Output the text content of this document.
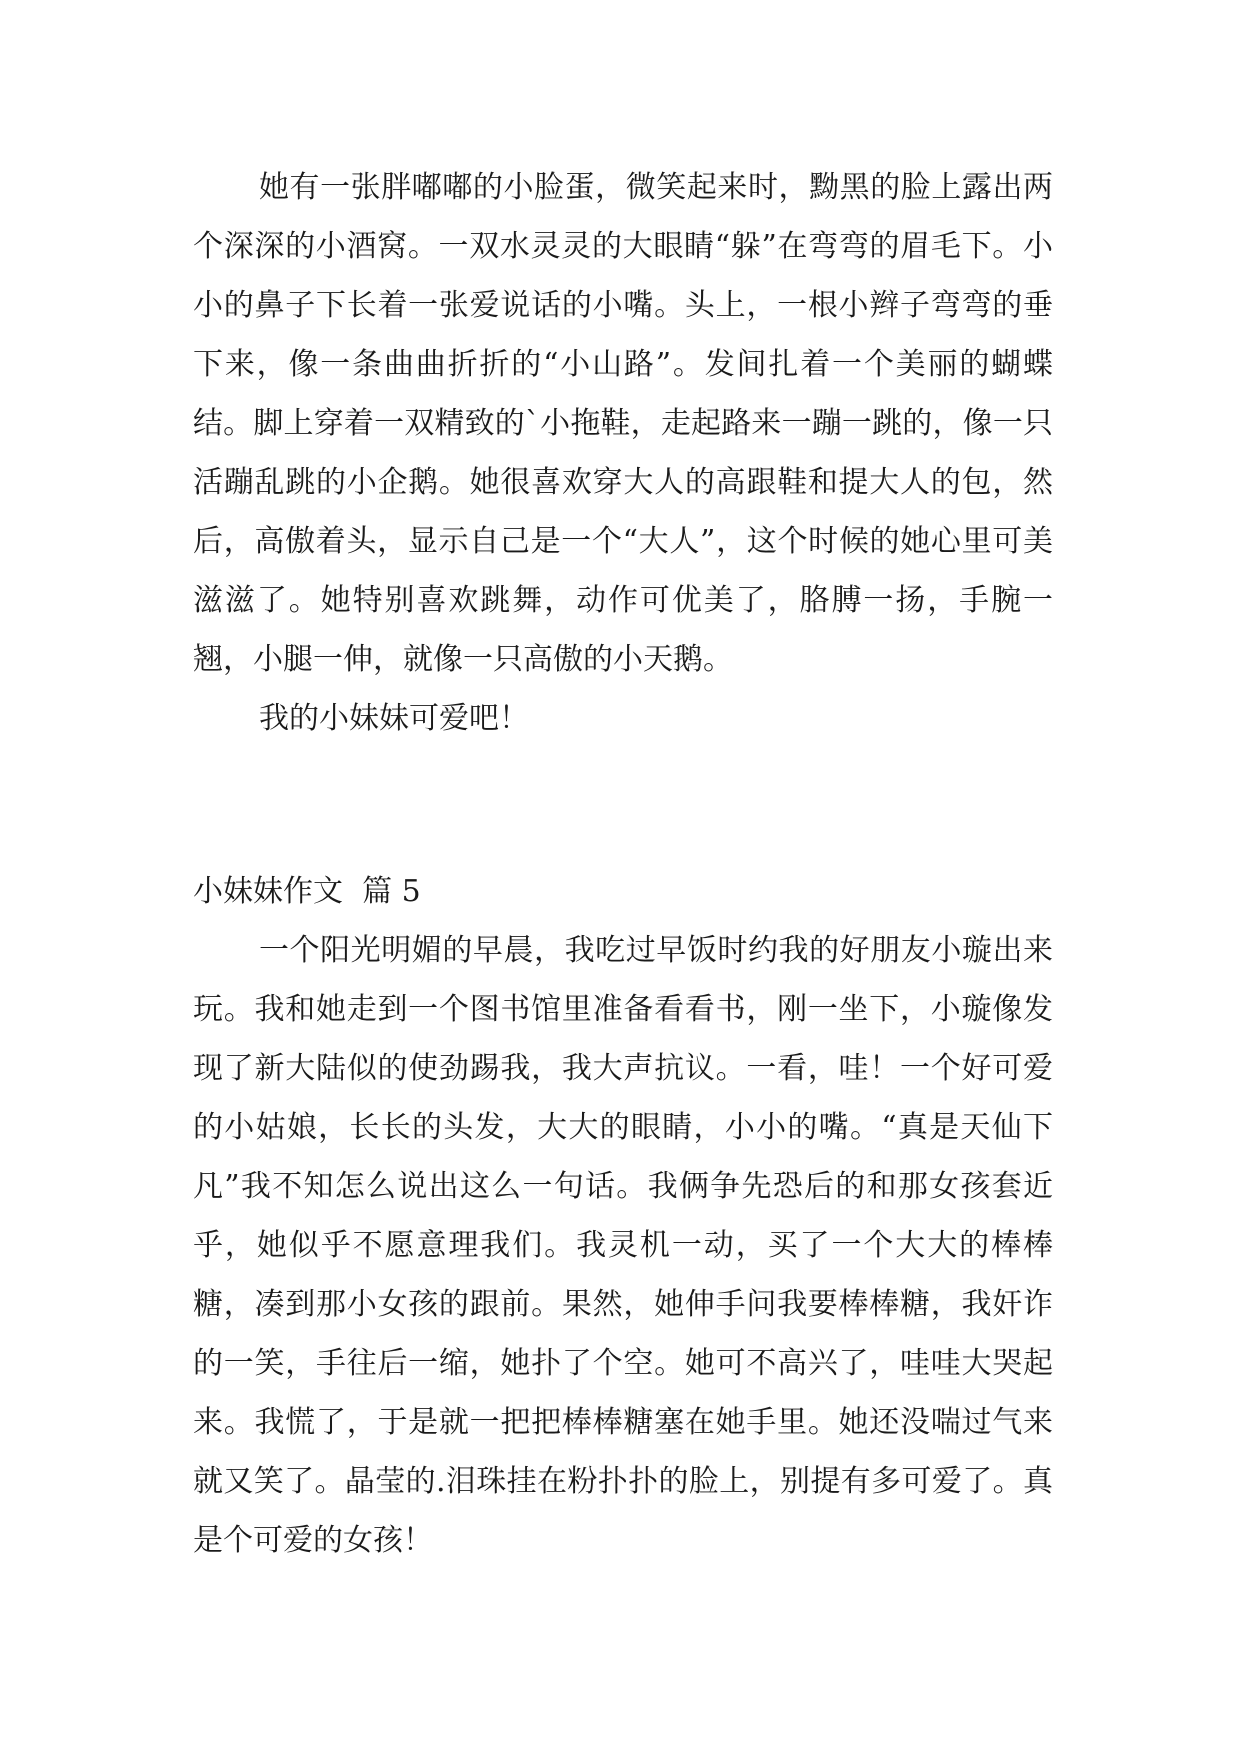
她有一张胖嘟嘟的小脸蛋，微笑起来时，黝黑的脸上露出两个深深的小酒窝。一双水灵灵的大眼睛“躲”在弯弯的眉毛下。小小的鼻子下长着一张爱说话的小嘴。头上，一根小辫子弯弯的垂下来，像一条曲曲折折的“小山路”。发间扎着一个美丽的蝴蝶结。脚上穿着一双精致的`小拖鞋，走起路来一蹦一跳的，像一只活蹦乱跳的小企鹅。她很喜欢穿大人的高跟鞋和提大人的包，然后，高傲着头，显示自己是一个“大人”，这个时候的她心里可美滋滋了。她特别喜欢跳舞，动作可优美了，胳膊一扬，手腕一翘，小腿一伸，就像一只高傲的小天鹅。

我的小妹妹可爱吧！

小妹妹作文  篇 5

一个阳光明媚的早晨，我吃过早饭时约我的好朋友小璇出来玩。我和她走到一个图书馆里准备看看书，刚一坐下，小璇像发现了新大陆似的使劲踢我，我大声抗议。一看，哇！一个好可爱的小姑娘，长长的头发，大大的眼睛，小小的嘴。“真是天仙下凡”我不知怎么说出这么一句话。我俩争先恐后的和那女孩套近乎，她似乎不愿意理我们。我灵机一动，买了一个大大的棒棒糖，凑到那小女孩的跟前。果然，她伸手问我要棒棒糖，我奸诈的一笑，手往后一缩，她扑了个空。她可不高兴了，哇哇大哭起来。我慌了，于是就一把把棒棒糖塞在她手里。她还没喘过气来就又笑了。晶莹的.泪珠挂在粉扑扑的脸上，别提有多可爱了。真是个可爱的女孩！
